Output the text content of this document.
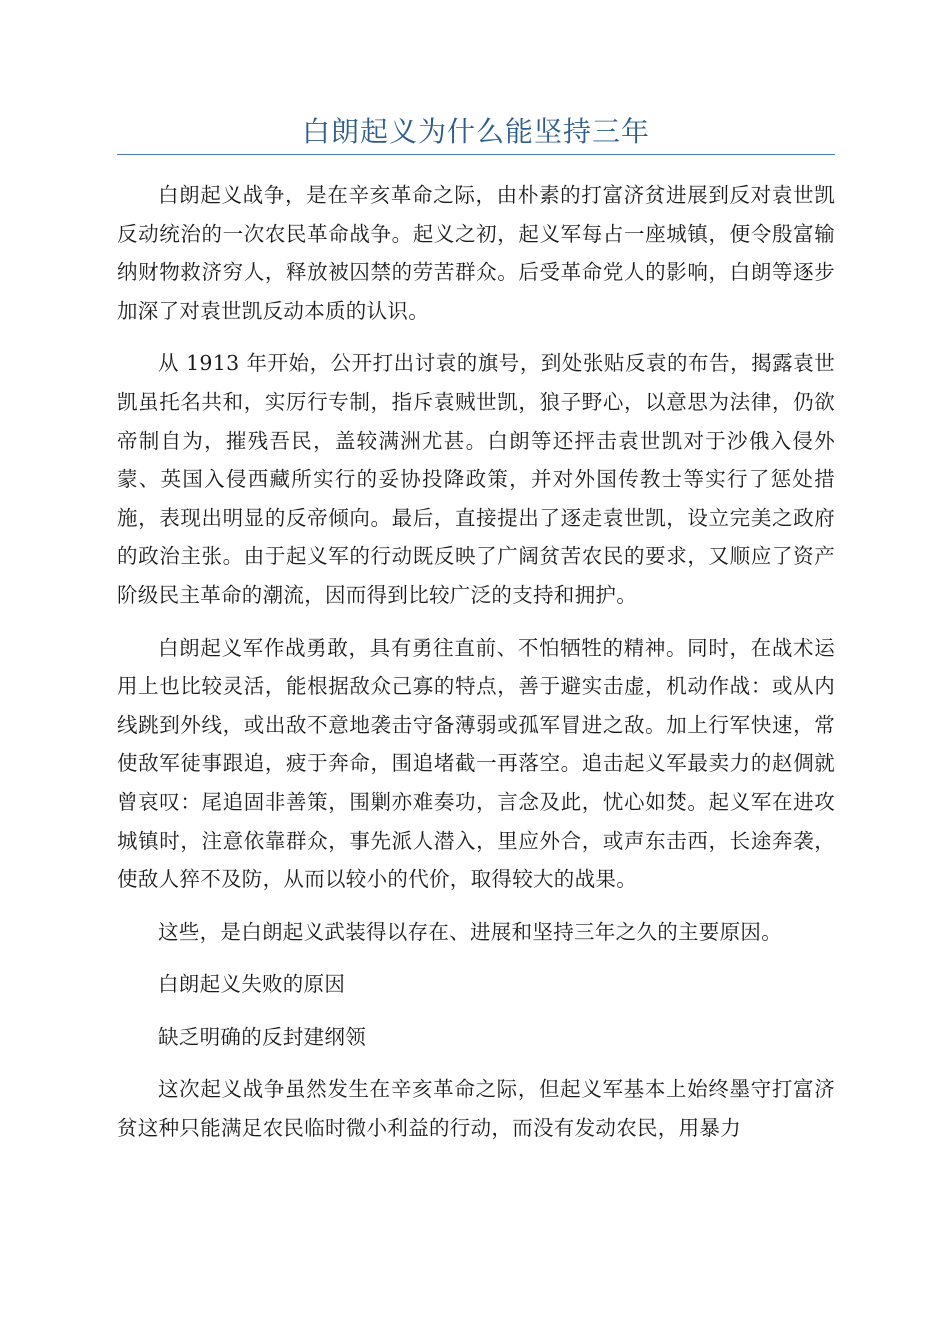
白朗起义为什么能坚持三年

白朗起义战争，是在辛亥革命之际，由朴素的打富济贫进展到反对袁世凯反动统治的一次农民革命战争。起义之初，起义军每占一座城镇，便令殷富输纳财物救济穷人，释放被囚禁的劳苦群众。后受革命党人的影响，白朗等逐步加深了对袁世凯反动本质的认识。

从 1913 年开始，公开打出讨袁的旗号，到处张贴反袁的布告，揭露袁世凯虽托名共和，实厉行专制，指斥袁贼世凯，狼子野心，以意思为法律，仍欲帝制自为，摧残吾民，盖较满洲尤甚。白朗等还抨击袁世凯对于沙俄入侵外蒙、英国入侵西藏所实行的妥协投降政策，并对外国传教士等实行了惩处措施，表现出明显的反帝倾向。最后，直接提出了逐走袁世凯，设立完美之政府的政治主张。由于起义军的行动既反映了广阔贫苦农民的要求，又顺应了资产阶级民主革命的潮流，因而得到比较广泛的支持和拥护。

白朗起义军作战勇敢，具有勇往直前、不怕牺牲的精神。同时，在战术运用上也比较灵活，能根据敌众己寡的特点，善于避实击虚，机动作战：或从内线跳到外线，或出敌不意地袭击守备薄弱或孤军冒进之敌。加上行军快速，常使敌军徒事跟追，疲于奔命，围追堵截一再落空。追击起义军最卖力的赵倜就曾哀叹：尾追固非善策，围剿亦难奏功，言念及此，忧心如焚。起义军在进攻城镇时，注意依靠群众，事先派人潜入，里应外合，或声东击西，长途奔袭，使敌人猝不及防，从而以较小的代价，取得较大的战果。

这些，是白朗起义武装得以存在、进展和坚持三年之久的主要原因。

白朗起义失败的原因

缺乏明确的反封建纲领

这次起义战争虽然发生在辛亥革命之际，但起义军基本上始终墨守打富济贫这种只能满足农民临时微小利益的行动，而没有发动农民，用暴力
